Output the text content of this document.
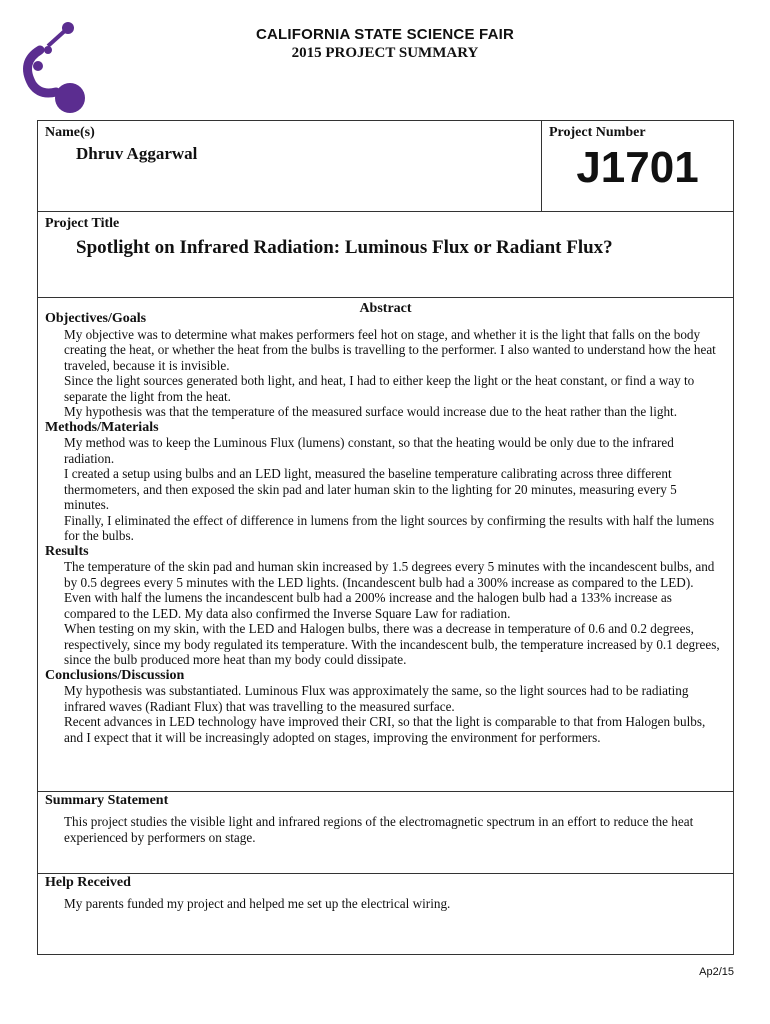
CALIFORNIA STATE SCIENCE FAIR
2015 PROJECT SUMMARY
Name(s)
Dhruv Aggarwal
Project Number
J1701
Project Title
Spotlight on Infrared Radiation: Luminous Flux or Radiant Flux?
Abstract
Objectives/Goals
My objective was to determine what makes performers feel hot on stage, and whether it is the light that falls on the body creating the heat, or whether the heat from the bulbs is travelling to the performer. I also wanted to understand how the heat traveled, because it is invisible.
Since the light sources generated both light, and heat, I had to either keep the light or the heat constant, or find a way to separate the light from the heat.
My hypothesis was that the temperature of the measured surface would increase due to the heat rather than the light.
Methods/Materials
My method was to keep the Luminous Flux (lumens) constant, so that the heating would be only due to the infrared radiation.
I created a setup using bulbs and an LED light, measured the baseline temperature calibrating across three different thermometers, and then exposed the skin pad and later human skin to the lighting for 20 minutes, measuring every 5 minutes.
Finally, I eliminated the effect of difference in lumens from the light sources by confirming the results with half the lumens for the bulbs.
Results
The temperature of the skin pad and human skin increased by 1.5 degrees every 5 minutes with the incandescent bulbs, and by 0.5 degrees every 5 minutes with the LED lights. (Incandescent bulb had a 300% increase as compared to the LED). Even with half the lumens the incandescent bulb had a 200% increase and the halogen bulb had a 133% increase as compared to the LED. My data also confirmed the Inverse Square Law for radiation.
When testing on my skin, with the LED and Halogen bulbs, there was a decrease in temperature of 0.6 and 0.2 degrees, respectively, since my body regulated its temperature. With the incandescent bulb, the temperature increased by 0.1 degrees, since the bulb produced more heat than my body could dissipate.
Conclusions/Discussion
My hypothesis was substantiated. Luminous Flux was approximately the same, so the light sources had to be radiating infrared waves (Radiant Flux) that was travelling to the measured surface.
Recent advances in LED technology have improved their CRI, so that the light is comparable to that from Halogen bulbs, and I expect that it will be increasingly adopted on stages, improving the environment for performers.
Summary Statement
This project studies the visible light and infrared regions of the electromagnetic spectrum in an effort to reduce the heat experienced by performers on stage.
Help Received
My parents funded my project and helped me set up the electrical wiring.
Ap2/15
